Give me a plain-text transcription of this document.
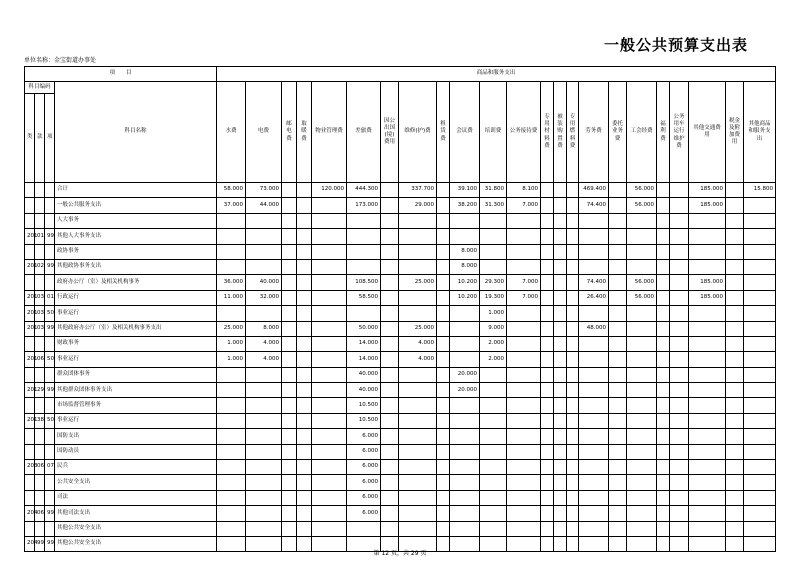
一般公共预算支出表
单位名称：金宝街道办事处
项　　目				商品和服务支出																						
科目编码			科目名称	水费	电费	邮电费	取暖费	物业管理费	差旅费	因公出国(境)费用	维修(护)费	租赁费	会议费	培训费	公务接待费	专用材料费	被装购置费	专用燃料费	劳务费	委托业务费	工会经费	福利费	公务用车运行维护费	其他交通费用	税金及附加费用	其他商品和服务支出
类	款	项																								
			合计	58.000	73.000			120.000	444.300		337.700		39.100	31.800	8.100				469.400		56.000			185.000		15.800
			一般公共服务支出	37.000	44.000				173.000		29.000		38.200	31.300	7.000				74.400		56.000			185.000		
			人大事务																							
201	01	99	其他人大事务支出																							
			政协事务										8.000													
201	02	99	其他政协事务支出										8.000													
			政府办公厅（室）及相关机构事务	36.000	40.000				108.500		25.000		10.200	29.300	7.000				74.400		56.000			185.000		
201	03	01	行政运行	11.000	32.000				58.500				10.200	19.300	7.000				26.400		56.000			185.000		
201	03	50	事业运行											1.000												
201	03	99	其他政府办公厅（室）及相关机构事务支出	25.000	8.000				50.000		25.000			9.000					48.000							
			财政事务	1.000	4.000				14.000		4.000			2.000												
201	06	50	事业运行	1.000	4.000				14.000		4.000			2.000												
			群众团体事务						40.000				20.000													
201	29	99	其他群众团体事务支出						40.000				20.000													
			市场监督管理事务						10.500																	
201	38	50	事业运行						10.500																	
			国防支出						6.000																	
			国防动员						6.000																	
203	06	07	民兵						6.000																	
			公共安全支出						6.000																	
			司法						6.000																	
204	06	99	其他司法支出						6.000																	
			其他公共安全支出																							
204	99	99	其他公共安全支出																							
第 12 页，共 29 页
